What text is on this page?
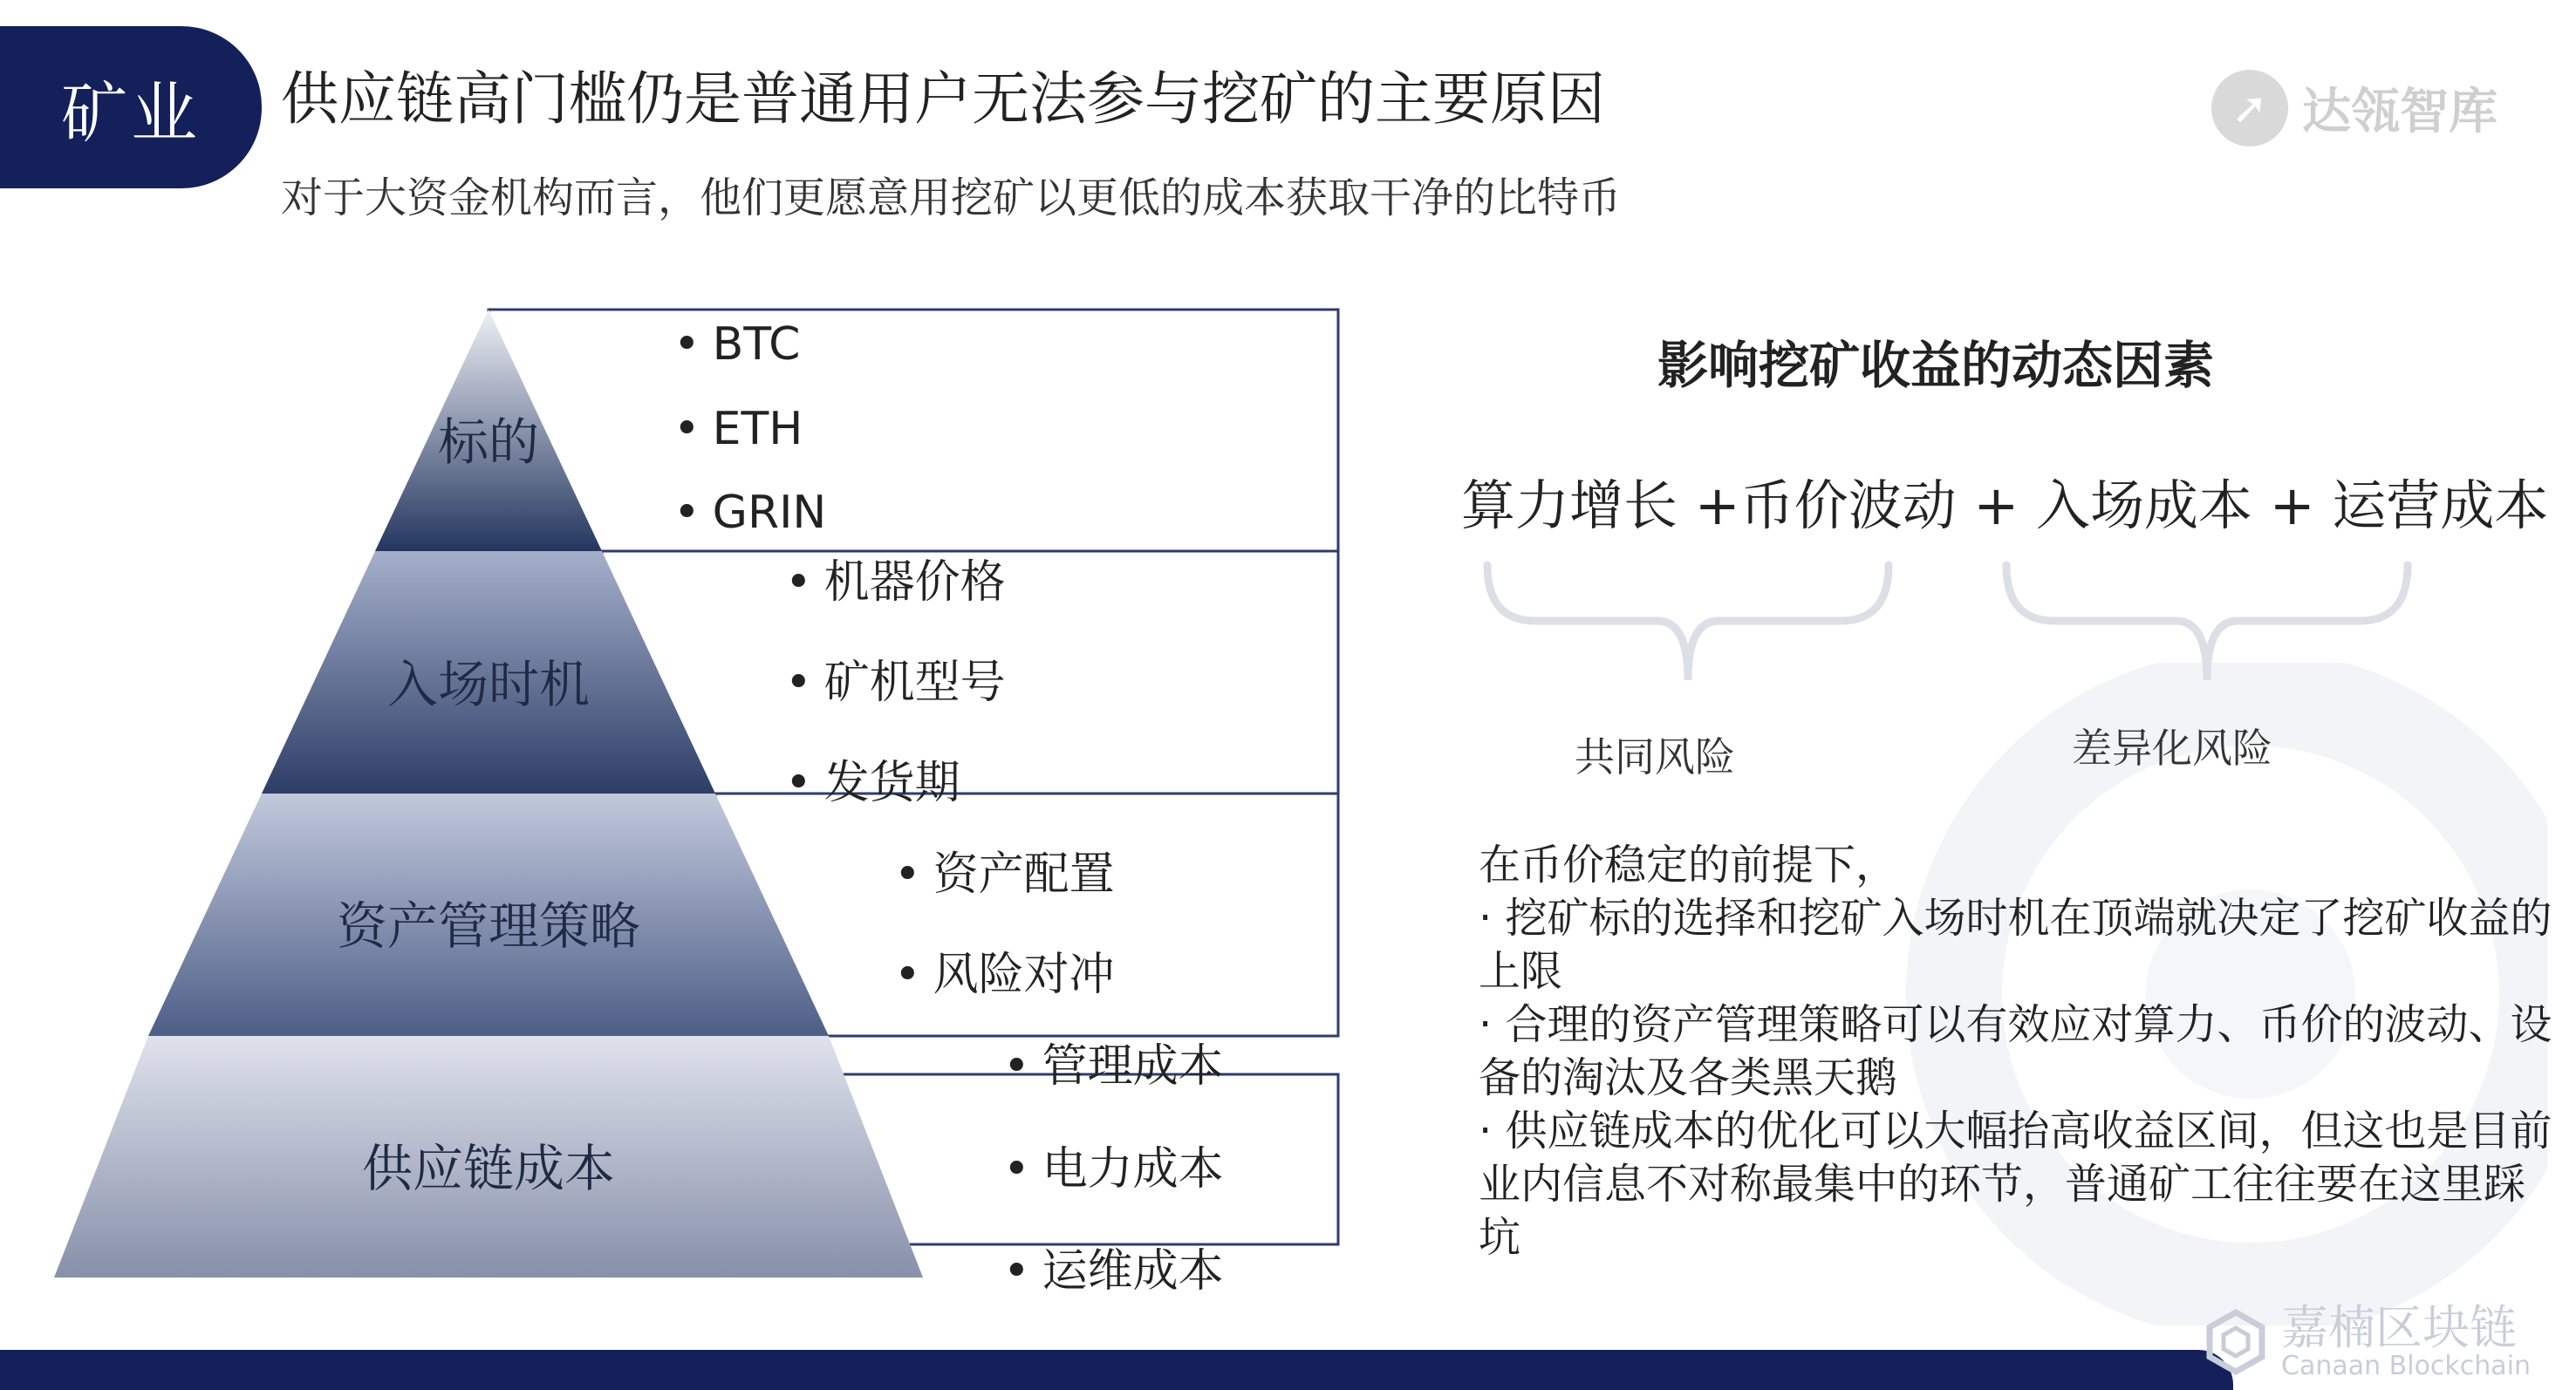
矿业	供应链高门槛仍是普通用户无法参与挖矿的主要原因
对于大资金机构而言，他们更愿意用挖矿以更低的成本获取干净的比特币
➚ 达瓴智库
标的
入场时机
资产管理策略
供应链成本
• BTC
• ETH
• GRIN
• 机器价格
• 矿机型号
• 发货期
• 资产配置
• 风险对冲
• 管理成本
• 电力成本
• 运维成本
影响挖矿收益的动态因素
算力增长 +币价波动 + 入场成本 + 运营成本
共同风险	差异化风险
在币价稳定的前提下，
· 挖矿标的选择和挖矿入场时机在顶端就决定了挖矿收益的上限
· 合理的资产管理策略可以有效应对算力、币价的波动、设备的淘汰及各类黑天鹅
· 供应链成本的优化可以大幅抬高收益区间，但这也是目前业内信息不对称最集中的环节，普通矿工往往要在这里踩坑
嘉楠区块链
Canaan Blockchain
